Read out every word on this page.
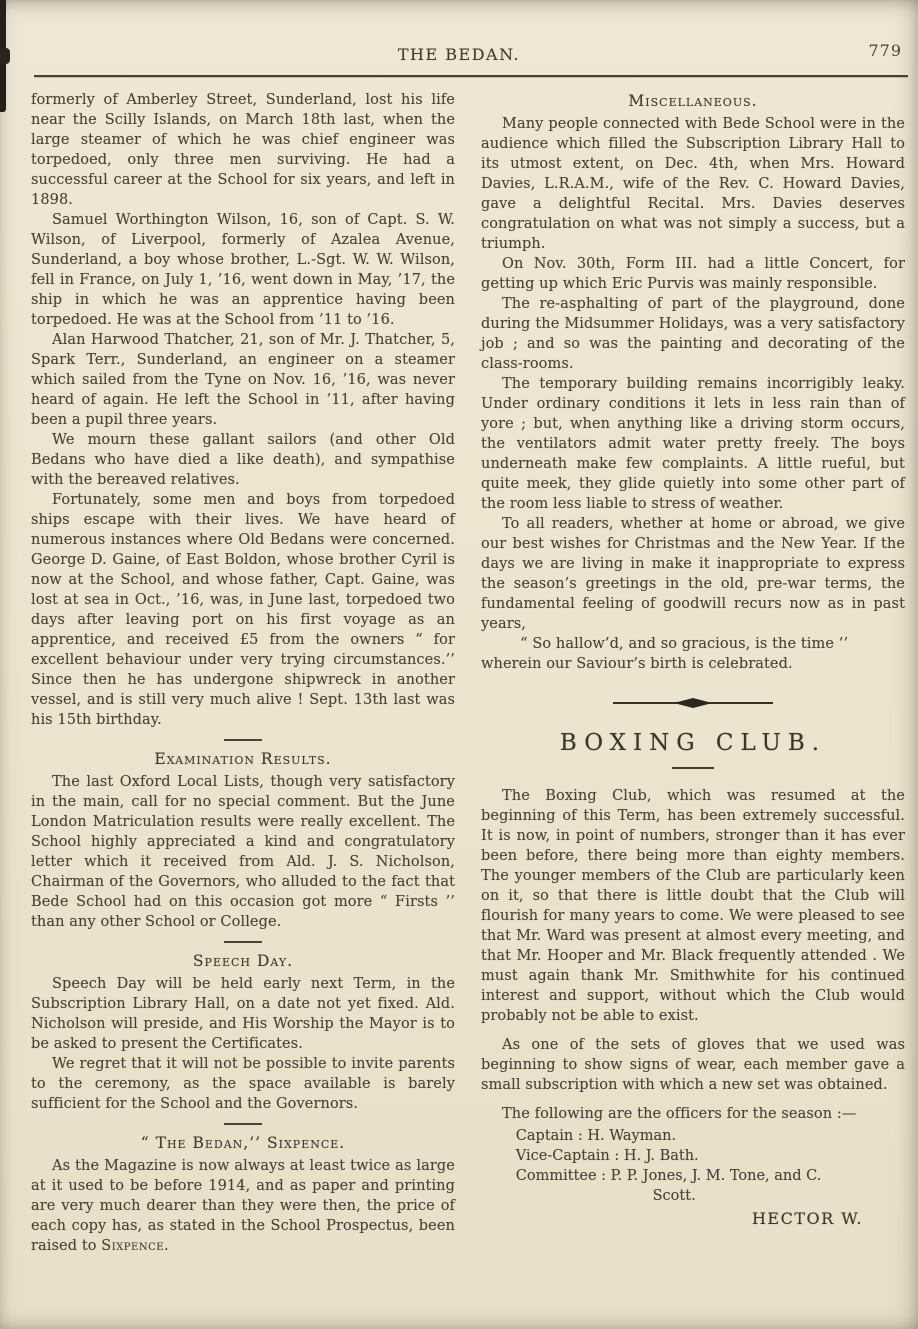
THE BEDAN.	779

formerly of Amberley Street, Sunderland, lost his life near the Scilly Islands, on March 18th last, when the large steamer of which he was chief engineer was torpedoed, only three men surviving. He had a successful career at the School for six years, and left in 1898.

Samuel Worthington Wilson, 16, son of Capt. S. W. Wilson, of Liverpool, formerly of Azalea Avenue, Sunderland, a boy whose brother, L.-Sgt. W. W. Wilson, fell in France, on July 1, ’16, went down in May, ’17, the ship in which he was an apprentice having been torpedoed. He was at the School from ’11 to ’16.

Alan Harwood Thatcher, 21, son of Mr. J. Thatcher, 5, Spark Terr., Sunderland, an engineer on a steamer which sailed from the Tyne on Nov. 16, ’16, was never heard of again. He left the School in ’11, after having been a pupil three years.

We mourn these gallant sailors (and other Old Bedans who have died a like death), and sympathise with the bereaved relatives.

Fortunately, some men and boys from torpedoed ships escape with their lives. We have heard of numerous instances where Old Bedans were concerned. George D. Gaine, of East Boldon, whose brother Cyril is now at the School, and whose father, Capt. Gaine, was lost at sea in Oct., ’16, was, in June last, torpedoed two days after leaving port on his first voyage as an apprentice, and received £5 from the owners “ for excellent behaviour under very trying circumstances.’’ Since then he has undergone shipwreck in another vessel, and is still very much alive ! Sept. 13th last was his 15th birthday.

Examination Results.

The last Oxford Local Lists, though very satisfactory in the main, call for no special comment. But the June London Matriculation results were really excellent. The School highly appreciated a kind and congratulatory letter which it received from Ald. J. S. Nicholson, Chairman of the Governors, who alluded to the fact that Bede School had on this occasion got more “ Firsts ’’ than any other School or College.

Speech Day.

Speech Day will be held early next Term, in the Subscription Library Hall, on a date not yet fixed. Ald. Nicholson will preside, and His Worship the Mayor is to be asked to present the Certificates.

We regret that it will not be possible to invite parents to the ceremony, as the space available is barely sufficient for the School and the Governors.

“ The Bedan,’’ Sixpence.

As the Magazine is now always at least twice as large at it used to be before 1914, and as paper and printing are very much dearer than they were then, the price of each copy has, as stated in the School Prospectus, been raised to Sixpence.

Miscellaneous.

Many people connected with Bede School were in the audience which filled the Subscription Library Hall to its utmost extent, on Dec. 4th, when Mrs. Howard Davies, L.R.A.M., wife of the Rev. C. Howard Davies, gave a delightful Recital. Mrs. Davies deserves congratulation on what was not simply a success, but a triumph.

On Nov. 30th, Form III. had a little Concert, for getting up which Eric Purvis was mainly responsible.

The re-asphalting of part of the playground, done during the Midsummer Holidays, was a very satisfactory job ; and so was the painting and decorating of the class-rooms.

The temporary building remains incorrigibly leaky. Under ordinary conditions it lets in less rain than of yore ; but, when anything like a driving storm occurs, the ventilators admit water pretty freely. The boys underneath make few complaints. A little rueful, but quite meek, they glide quietly into some other part of the room less liable to stress of weather.

To all readers, whether at home or abroad, we give our best wishes for Christmas and the New Year. If the days we are living in make it inappropriate to express the season’s greetings in the old, pre-war terms, the fundamental feeling of goodwill recurs now as in past years,

“ So hallow’d, and so gracious, is the time ’’

wherein our Saviour’s birth is celebrated.

BOXING CLUB.

The Boxing Club, which was resumed at the beginning of this Term, has been extremely successful. It is now, in point of numbers, stronger than it has ever been before, there being more than eighty members. The younger members of the Club are particularly keen on it, so that there is little doubt that the Club will flourish for many years to come. We were pleased to see that Mr. Ward was present at almost every meeting, and that Mr. Hooper and Mr. Black frequently attended . We must again thank Mr. Smithwhite for his continued interest and support, without which the Club would probably not be able to exist.

As one of the sets of gloves that we used was beginning to show signs of wear, each member gave a small subscription with which a new set was obtained.

The following are the officers for the season :—

Captain : H. Wayman.
Vice-Captain : H. J. Bath.
Committee : P. P. Jones, J. M. Tone, and C.
Scott.
HECTOR W.
